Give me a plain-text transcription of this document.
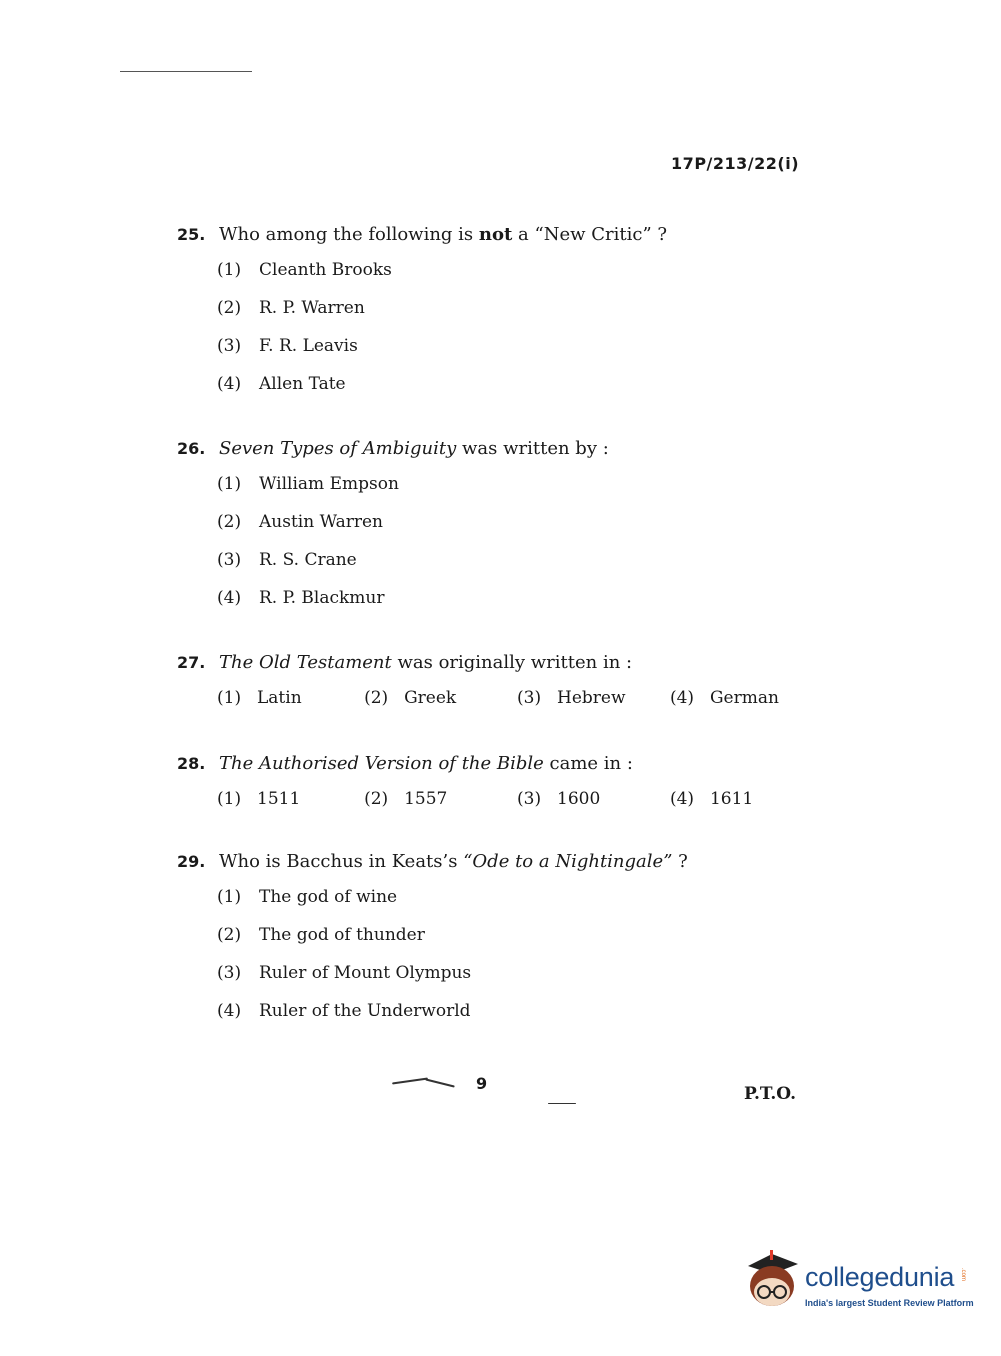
17P/213/22(i)
25. Who among the following is not a “New Critic” ?
(1) Cleanth Brooks
(2) R. P. Warren
(3) F. R. Leavis
(4) Allen Tate
26. Seven Types of Ambiguity was written by :
(1) William Empson
(2) Austin Warren
(3) R. S. Crane
(4) R. P. Blackmur
27. The Old Testament was originally written in :
(1) Latin	(2) Greek	(3) Hebrew	(4) German
28. The Authorised Version of the Bible came in :
(1) 1511	(2) 1557	(3) 1600	(4) 1611
29. Who is Bacchus in Keats’s “Ode to a Nightingale” ?
(1) The god of wine
(2) The god of thunder
(3) Ruler of Mount Olympus
(4) Ruler of the Underworld
9
P.T.O.
collegedunia .com
India's largest Student Review Platform
